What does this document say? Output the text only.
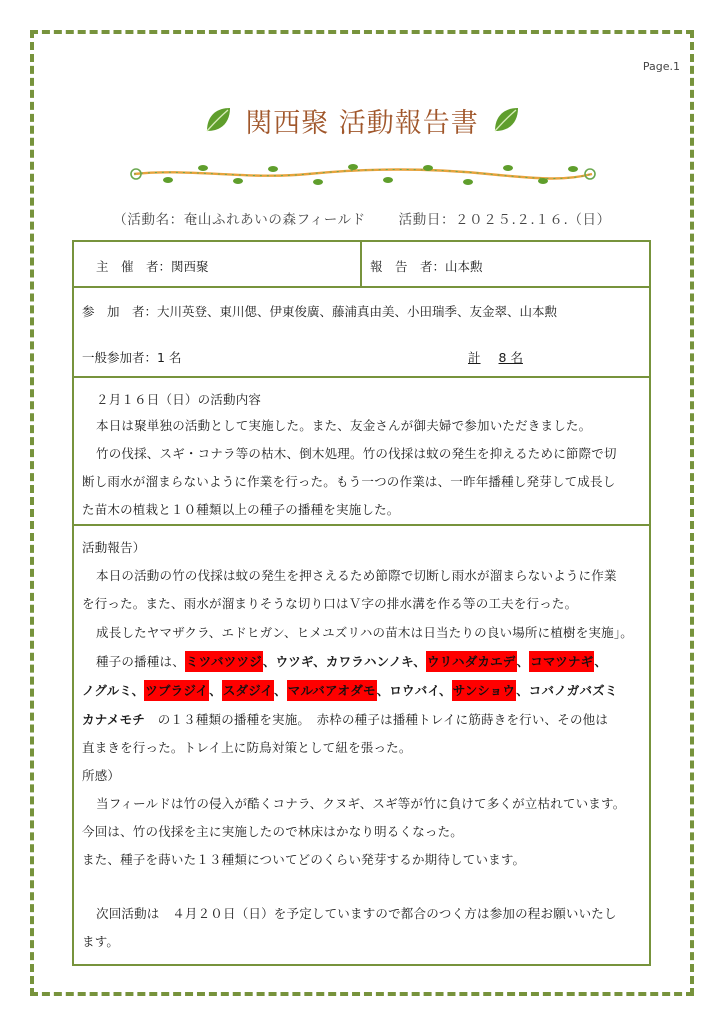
Page.1
関西聚 活動報告書
（活動名：奄山ふれあいの森フィールド 活動日：２０２５.２.１６.（日）
主　催　者：関西聚	報　告　者：山本勲
参　加　者：大川英登、東川偲、伊東俊廣、藤浦真由美、小田瑞季、友金翠、山本勲
一般参加者：1 名	計 8 名
２月１６日（日）の活動内容
本日は聚単独の活動として実施した。また、友金さんが御夫婦で参加いただきました。
竹の伐採、スギ・コナラ等の枯木、倒木処理。竹の伐採は蚊の発生を抑えるために節際で切
断し雨水が溜まらないように作業を行った。もう一つの作業は、一昨年播種し発芽して成長し
た苗木の植栽と１０種類以上の種子の播種を実施した。
活動報告）
本日の活動の竹の伐採は蚊の発生を押さえるため節際で切断し雨水が溜まらないように作業
を行った。また、雨水が溜まりそうな切り口はＶ字の排水溝を作る等の工夫を行った。
成長したヤマザクラ、エドヒガン、ヒメユズリハの苗木は日当たりの良い場所に植樹を実施」。
種子の播種は、ミツバツツジ、ウツギ、カワラハンノキ、ウリハダカエデ、コマツナギ、
ノグルミ、ツブラジイ、スダジイ、マルバアオダモ、ロウバイ、サンショウ、コバノガバズミ
カナメモチ　 の１３種類の播種を実施。　赤枠の種子は播種トレイに筋蒔きを行い、その他は
直まきを行った。トレイ上に防鳥対策として紐を張った。
所感）
当フィールドは竹の侵入が酷くコナラ、クヌギ、スギ等が竹に負けて多くが立枯れています。
今回は、竹の伐採を主に実施したので林床はかなり明るくなった。
また、種子を蒔いた１３種類についてどのくらい発芽するか期待しています。
次回活動は　４月２０日（日）を予定していますので都合のつく方は参加の程お願いいたし
ます。
